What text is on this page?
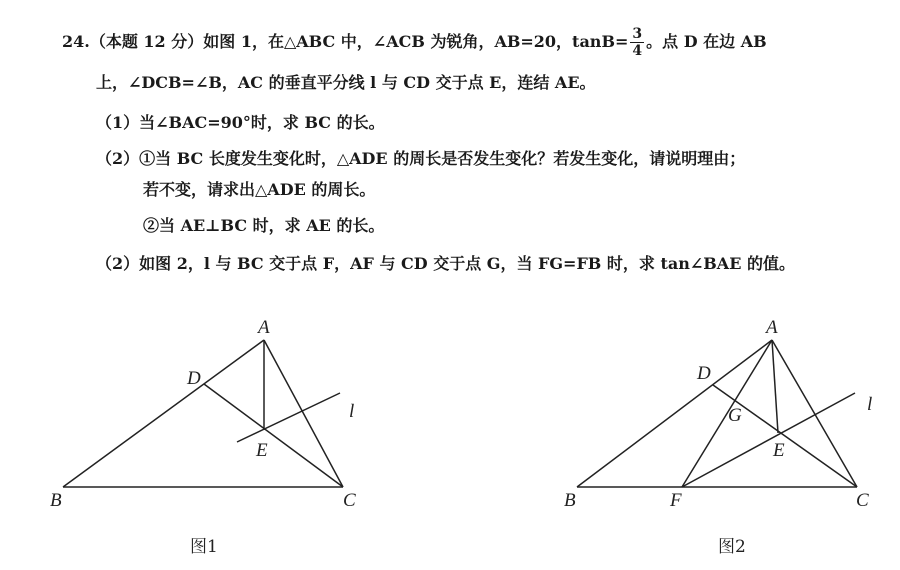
24.（本题 12 分）如图 1，在△ABC 中，∠ACB 为锐角，AB=20，$\tan B= \frac{3}{4}$ 。点 D 在边 AB
上，∠DCB=∠B，AC 的垂直平分线 l 与 CD 交于点 E，连结 AE。
（1）当∠BAC=90°时，求 BC 的长。
（2）①当 BC 长度发生变化时，△ADE 的周长是否发生变化？若发生变化，请说明理由；
若不变，请求出△ADE 的周长。
②当 AE⊥BC 时，求 AE 的长。
（2）如图 2，l 与 BC 交于点 F，AF 与 CD 交于点 G，当 FG=FB 时，求 tan∠BAE 的值。
A
B	C
D
E
l
图1
A
B	C
D
E
F
G
l
图2
